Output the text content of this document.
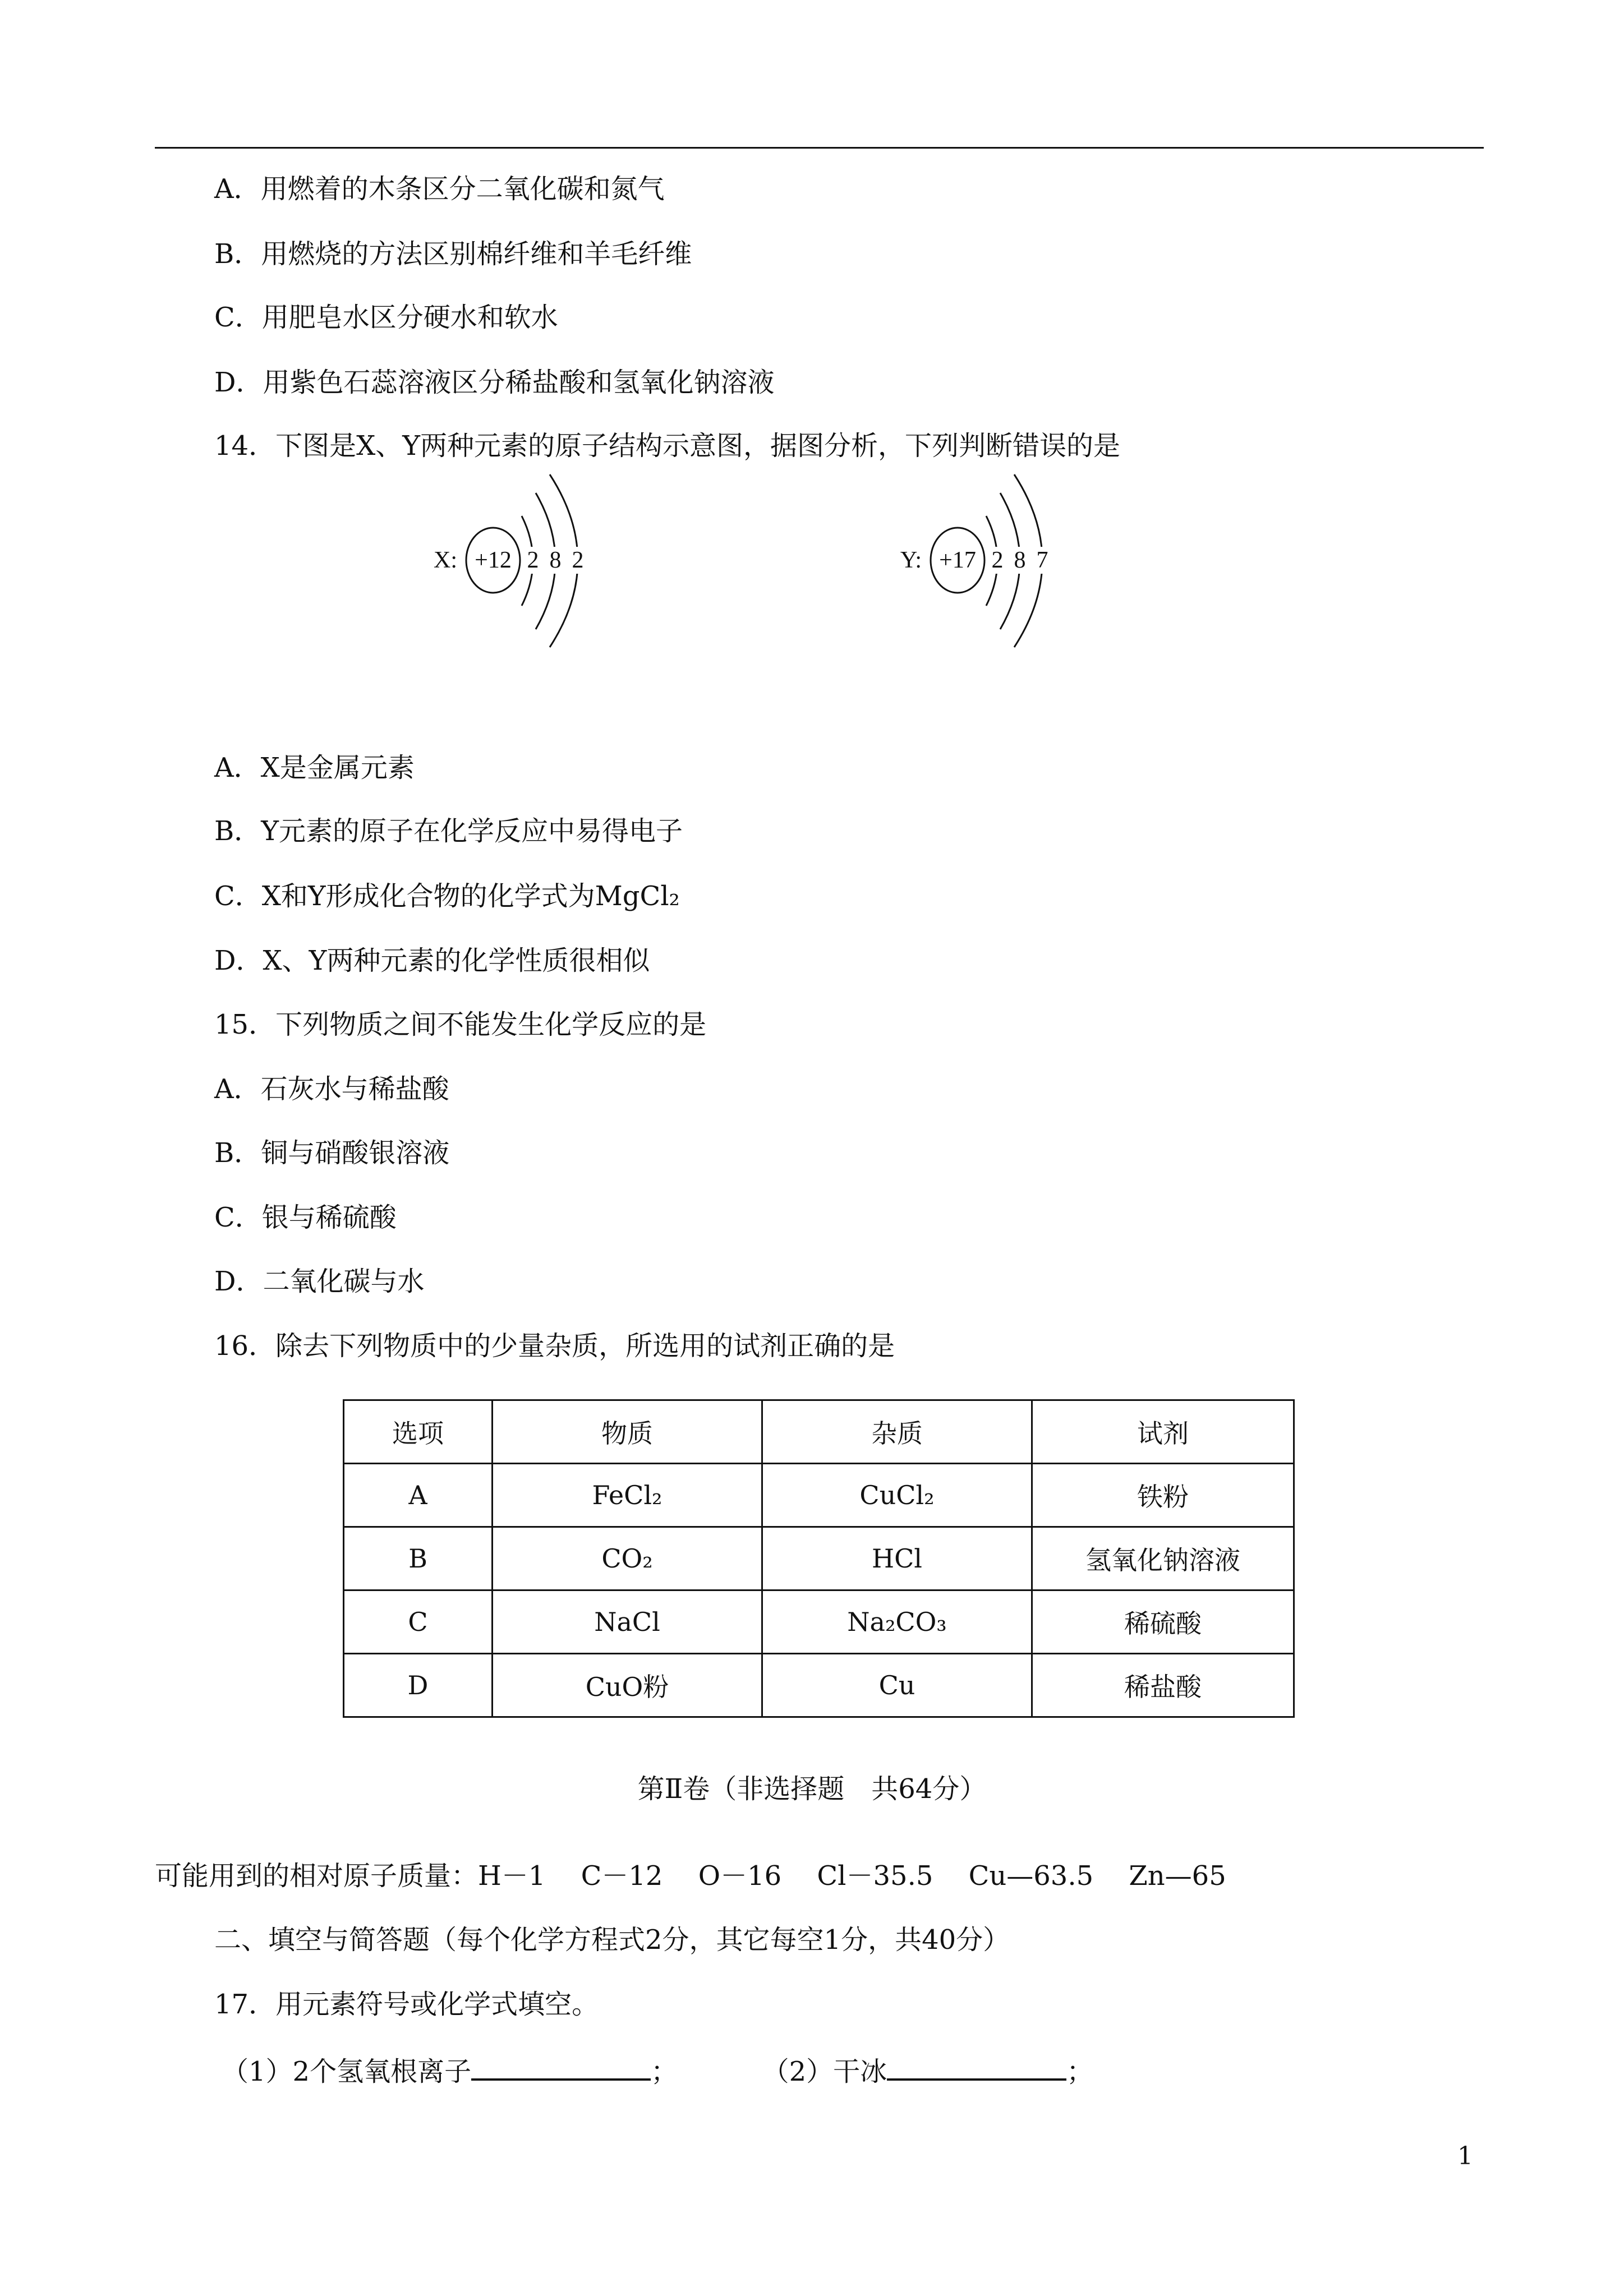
A．用燃着的木条区分二氧化碳和氮气
B．用燃烧的方法区别棉纤维和羊毛纤维
C．用肥皂水区分硬水和软水
D．用紫色石蕊溶液区分稀盐酸和氢氧化钠溶液
14．下图是X、Y两种元素的原子结构示意图，据图分析，下列判断错误的是
X: +12 2 8 2	Y: +17 2 8 7
A．X是金属元素
B．Y元素的原子在化学反应中易得电子
C．X和Y形成化合物的化学式为MgCl₂
D．X、Y两种元素的化学性质很相似
15．下列物质之间不能发生化学反应的是
A．石灰水与稀盐酸
B．铜与硝酸银溶液
C．银与稀硫酸
D．二氧化碳与水
16．除去下列物质中的少量杂质，所选用的试剂正确的是
选项	物质	杂质	试剂
A	FeCl₂	CuCl₂	铁粉
B	CO₂	HCl	氢氧化钠溶液
C	NaCl	Na₂CO₃	稀硫酸
D	CuO粉	Cu	稀盐酸
第Ⅱ卷（非选择题　共64分）
可能用到的相对原子质量：H－1　 C－12　 O－16　 Cl－35.5　 Cu—63.5　 Zn—65
二、填空与简答题（每个化学方程式2分，其它每空1分，共40分）
17．用元素符号或化学式填空。
（1）2个氢氧根离子	；	（2）干冰	；
1
